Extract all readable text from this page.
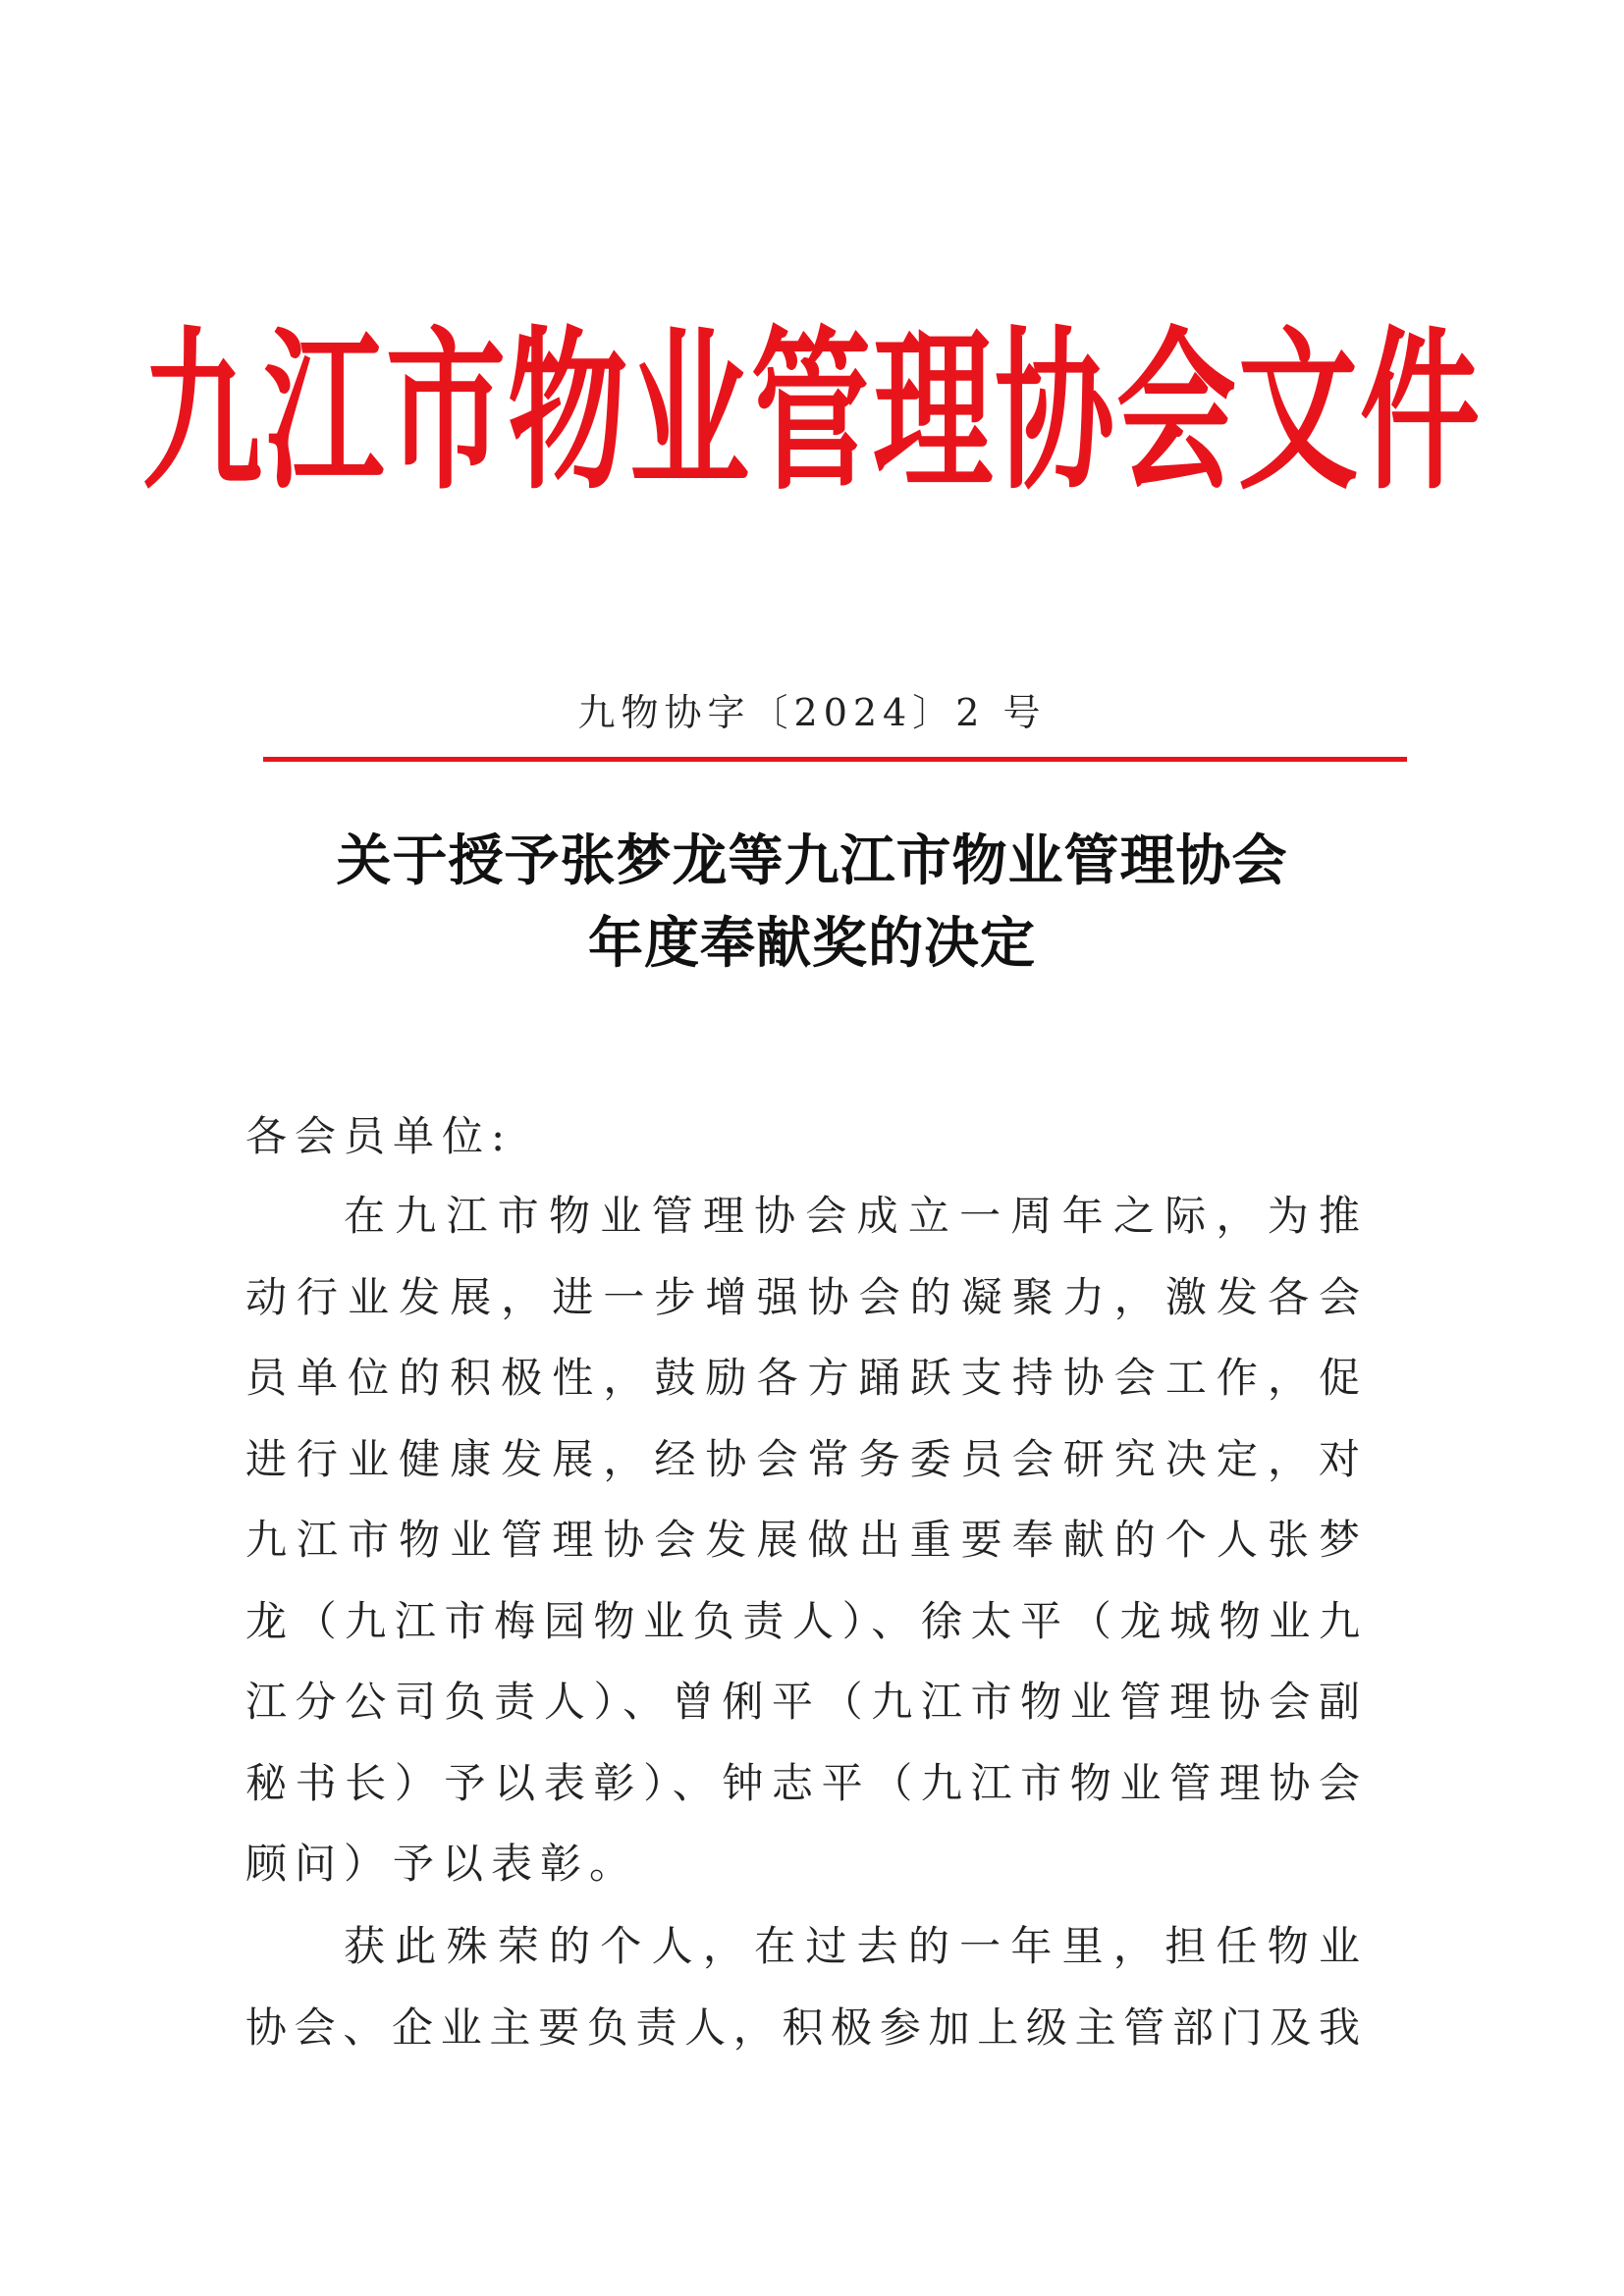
九江市物业管理协会文件
九物协字〔2024〕2 号
关于授予张梦龙等九江市物业管理协会
年度奉献奖的决定
各会员单位:
在九江市物业管理协会成立一周年之际，为推
动行业发展，进一步增强协会的凝聚力，激发各会
员单位的积极性，鼓励各方踊跃支持协会工作，促
进行业健康发展，经协会常务委员会研究决定，对
九江市物业管理协会发展做出重要奉献的个人张梦
龙（九江市梅园物业负责人）、徐太平（龙城物业九
江分公司负责人）、曾俐平（九江市物业管理协会副
秘书长）予以表彰）、钟志平（九江市物业管理协会
顾问）予以表彰。
获此殊荣的个人，在过去的一年里，担任物业
协会、企业主要负责人，积极参加上级主管部门及我
